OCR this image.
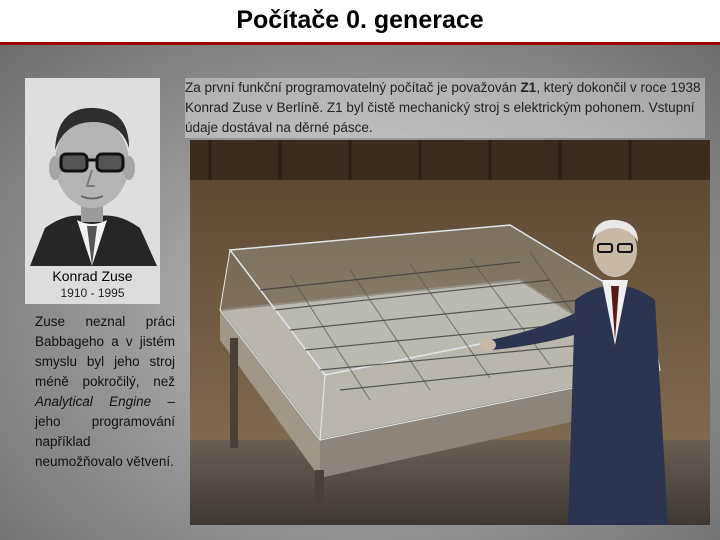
Počítače 0. generace
Konrad Zuse
1910 - 1995
Zuse neznal práci Babbageho a v jistém smyslu byl jeho stroj méně pokročilý, než Analytical Engine – jeho programování například neumožňovalo větvení.
Za první funkční programovatelný počítač je považován Z1, který dokončil v roce 1938 Konrad Zuse v Berlíně. Z1 byl čistě mechanický stroj s elektrickým pohonem. Vstupní údaje dostával na děrné pásce.
